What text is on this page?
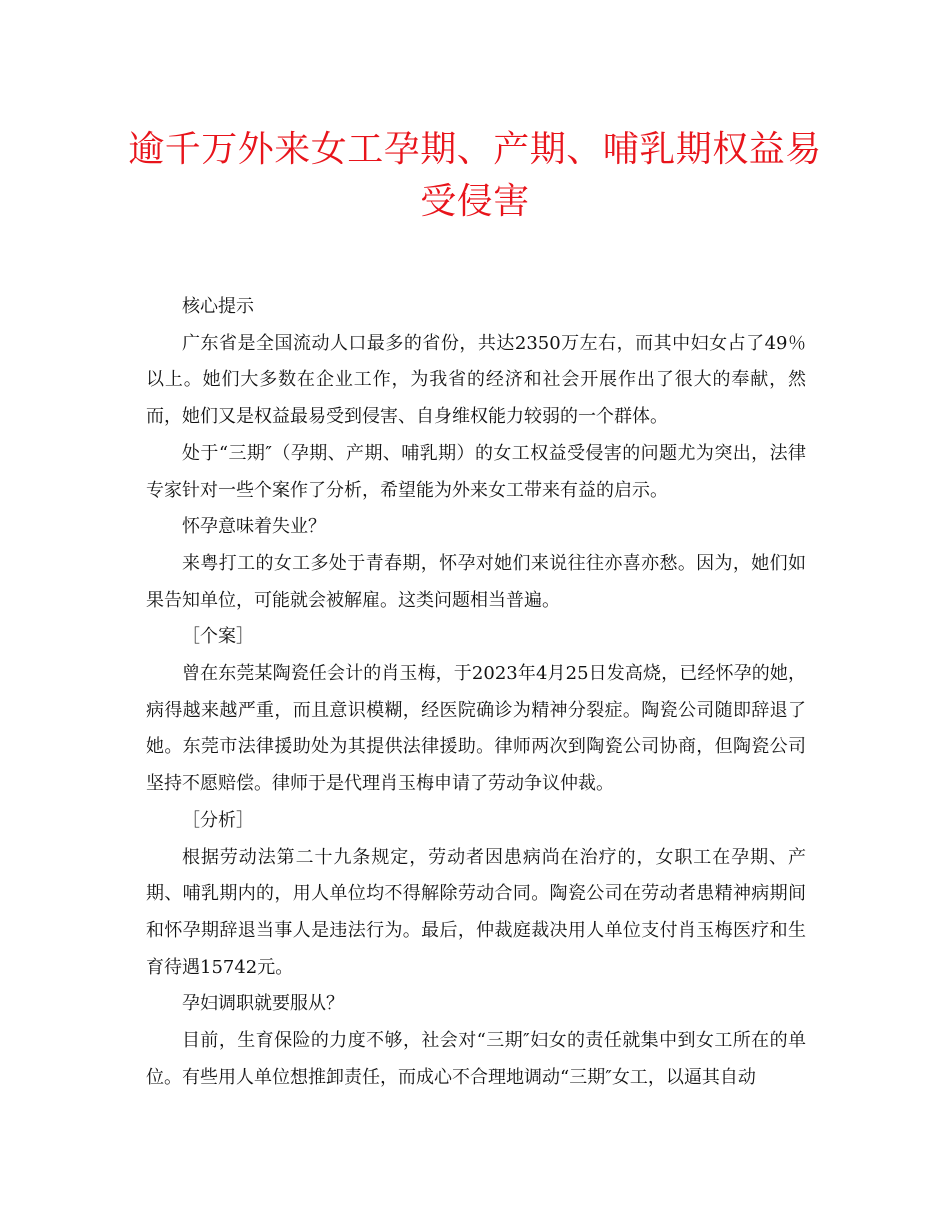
逾千万外来女工孕期、产期、哺乳期权益易受侵害

核心提示

广东省是全国流动人口最多的省份，共达2350万左右，而其中妇女占了49％以上。她们大多数在企业工作，为我省的经济和社会开展作出了很大的奉献，然而，她们又是权益最易受到侵害、自身维权能力较弱的一个群体。

处于“三期″（孕期、产期、哺乳期）的女工权益受侵害的问题尤为突出，法律专家针对一些个案作了分析，希望能为外来女工带来有益的启示。

怀孕意味着失业？

来粤打工的女工多处于青春期，怀孕对她们来说往往亦喜亦愁。因为，她们如果告知单位，可能就会被解雇。这类问题相当普遍。

［个案］

曾在东莞某陶瓷任会计的肖玉梅，于2023年4月25日发高烧，已经怀孕的她，病得越来越严重，而且意识模糊，经医院确诊为精神分裂症。陶瓷公司随即辞退了她。东莞市法律援助处为其提供法律援助。律师两次到陶瓷公司协商，但陶瓷公司坚持不愿赔偿。律师于是代理肖玉梅申请了劳动争议仲裁。

［分析］

根据劳动法第二十九条规定，劳动者因患病尚在治疗的，女职工在孕期、产期、哺乳期内的，用人单位均不得解除劳动合同。陶瓷公司在劳动者患精神病期间和怀孕期辞退当事人是违法行为。最后，仲裁庭裁决用人单位支付肖玉梅医疗和生育待遇15742元。

孕妇调职就要服从？

目前，生育保险的力度不够，社会对“三期″妇女的责任就集中到女工所在的单位。有些用人单位想推卸责任，而成心不合理地调动“三期″女工，以逼其自动
